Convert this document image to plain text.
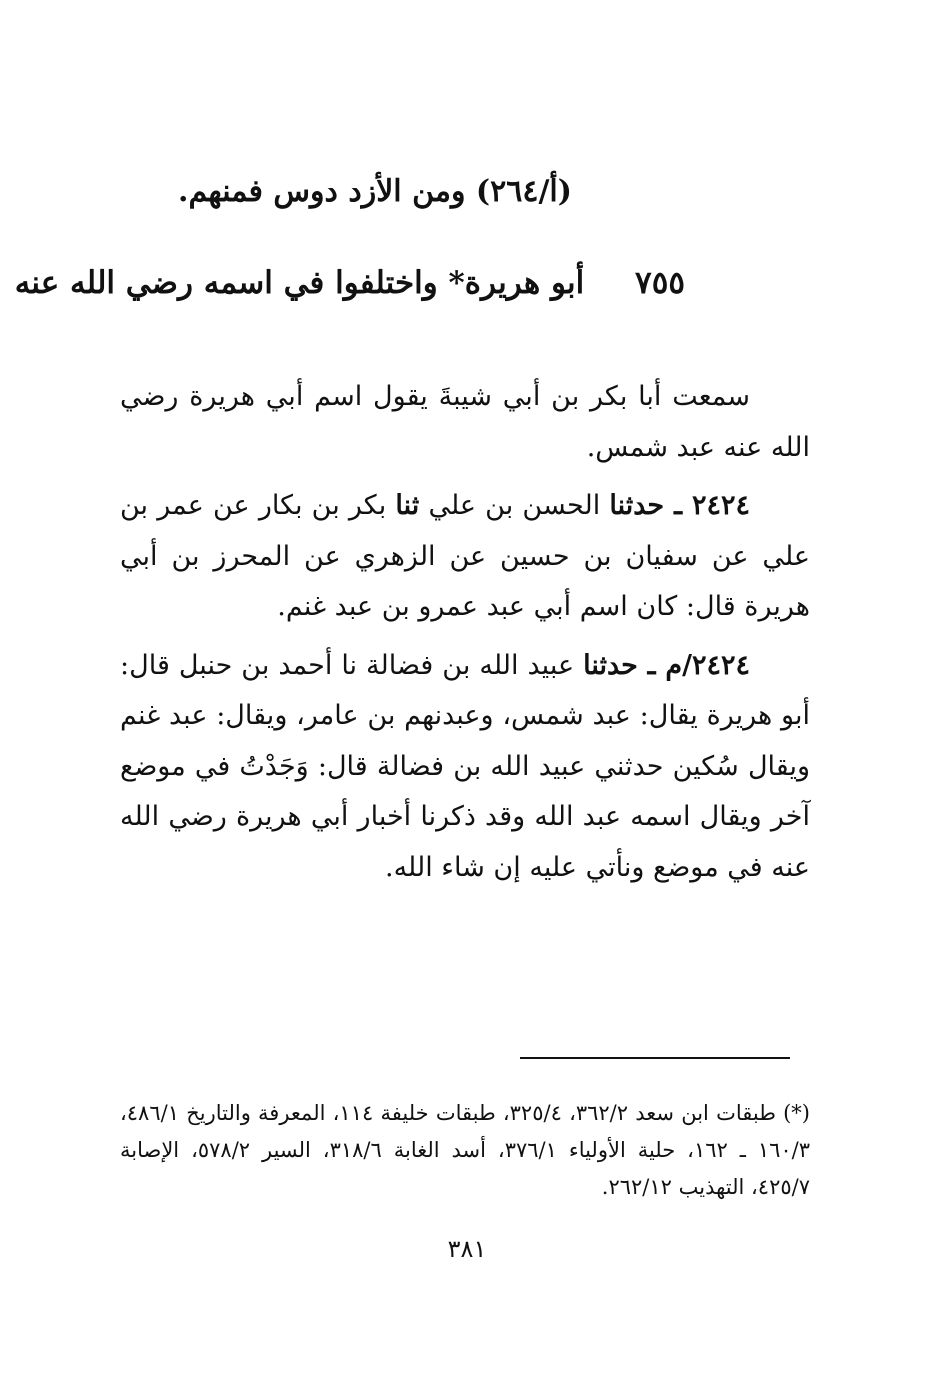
(أ/٢٦٤) ومن الأزد دوس فمنهم.
٧٥٥ أبو هريرة* واختلفوا في اسمه رضي الله عنه

سمعت أبا بكر بن أبي شيبةَ يقول اسم أبي هريرة رضي الله عنه عبد شمس.

٢٤٢٤ ـ حدثنا الحسن بن علي ثنا بكر بن بكار عن عمر بن علي عن سفيان بن حسين عن الزهري عن المحرز بن أبي هريرة قال: كان اسم أبي عبد عمرو بن عبد غنم.

٢٤٢٤/م ـ حدثنا عبيد الله بن فضالة نا أحمد بن حنبل قال: أبو هريرة يقال: عبد شمس، وعبدنهم بن عامر، ويقال: عبد غنم ويقال سُكين حدثني عبيد الله بن فضالة قال: وَجَدْتُ في موضع آخر ويقال اسمه عبد الله وقد ذكرنا أخبار أبي هريرة رضي الله عنه في موضع ونأتي عليه إن شاء الله.

(*) طبقات ابن سعد ٣٦٢/٢، ٣٢٥/٤، طبقات خليفة ١١٤، المعرفة والتاريخ ٤٨٦/١، ١٦٠/٣ ـ ١٦٢، حلية الأولياء ٣٧٦/١، أسد الغابة ٣١٨/٦، السير ٥٧٨/٢، الإصابة ٤٢٥/٧، التهذيب ٢٦٢/١٢.
٣٨١
